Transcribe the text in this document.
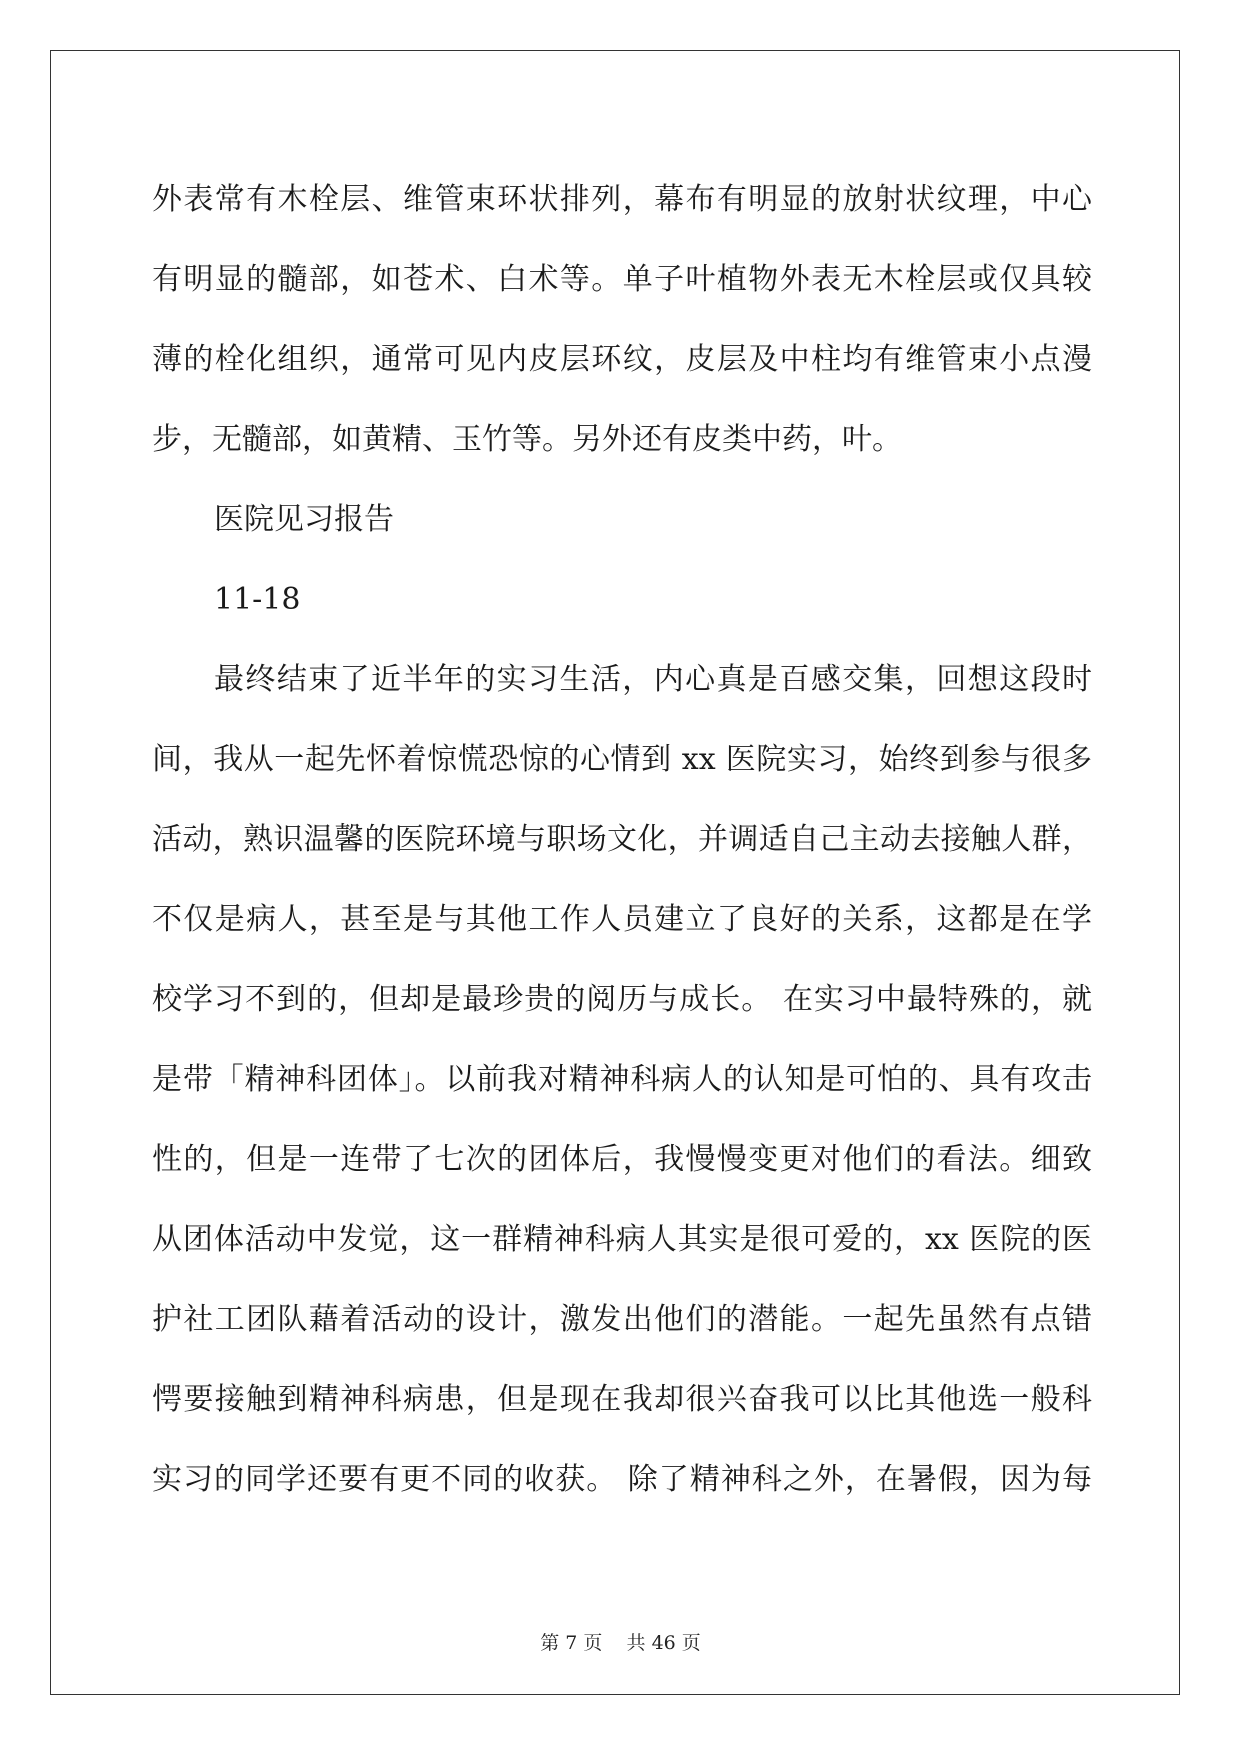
外表常有木栓层、维管束环状排列，幕布有明显的放射状纹理，中心
有明显的髓部，如苍术、白术等。单子叶植物外表无木栓层或仅具较
薄的栓化组织，通常可见内皮层环纹，皮层及中柱均有维管束小点漫
步，无髓部，如黄精、玉竹等。另外还有皮类中药，叶。
医院见习报告
11-18
最终结束了近半年的实习生活，内心真是百感交集，回想这段时
间，我从一起先怀着惊慌恐惊的心情到 xx 医院实习，始终到参与很多
活动，熟识温馨的医院环境与职场文化，并调适自己主动去接触人群，
不仅是病人，甚至是与其他工作人员建立了良好的关系，这都是在学
校学习不到的，但却是最珍贵的阅历与成长。 在实习中最特殊的，就
是带「精神科团体」。以前我对精神科病人的认知是可怕的、具有攻击
性的，但是一连带了七次的团体后，我慢慢变更对他们的看法。细致
从团体活动中发觉，这一群精神科病人其实是很可爱的，xx 医院的医
护社工团队藉着活动的设计，激发出他们的潜能。一起先虽然有点错
愕要接触到精神科病患，但是现在我却很兴奋我可以比其他选一般科
实习的同学还要有更不同的收获。 除了精神科之外，在暑假，因为每
第 7 页 共 46 页
